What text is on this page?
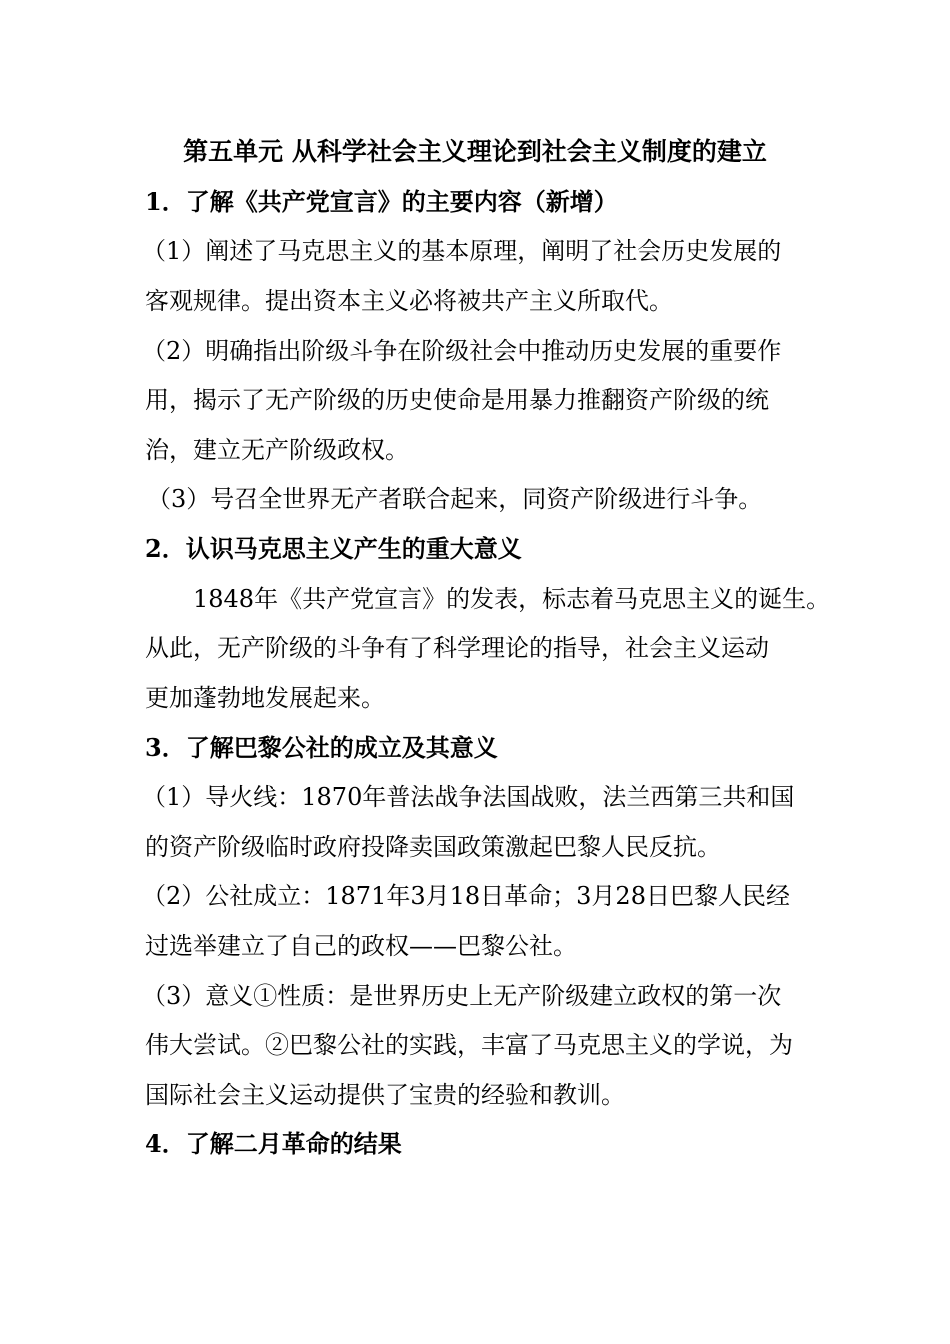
第五单元 从科学社会主义理论到社会主义制度的建立
1．了解《共产党宣言》的主要内容（新增）
（1）阐述了马克思主义的基本原理，阐明了社会历史发展的
客观规律。提出资本主义必将被共产主义所取代。
（2）明确指出阶级斗争在阶级社会中推动历史发展的重要作
用，揭示了无产阶级的历史使命是用暴力推翻资产阶级的统
治，建立无产阶级政权。
（3）号召全世界无产者联合起来，同资产阶级进行斗争。
2．认识马克思主义产生的重大意义
1848年《共产党宣言》的发表，标志着马克思主义的诞生。
从此，无产阶级的斗争有了科学理论的指导，社会主义运动
更加蓬勃地发展起来。
3．了解巴黎公社的成立及其意义
（1）导火线：1870年普法战争法国战败，法兰西第三共和国
的资产阶级临时政府投降卖国政策激起巴黎人民反抗。
（2）公社成立：1871年3月18日革命；3月28日巴黎人民经
过选举建立了自己的政权——巴黎公社。
（3）意义①性质：是世界历史上无产阶级建立政权的第一次
伟大尝试。②巴黎公社的实践，丰富了马克思主义的学说，为
国际社会主义运动提供了宝贵的经验和教训。
4．了解二月革命的结果
